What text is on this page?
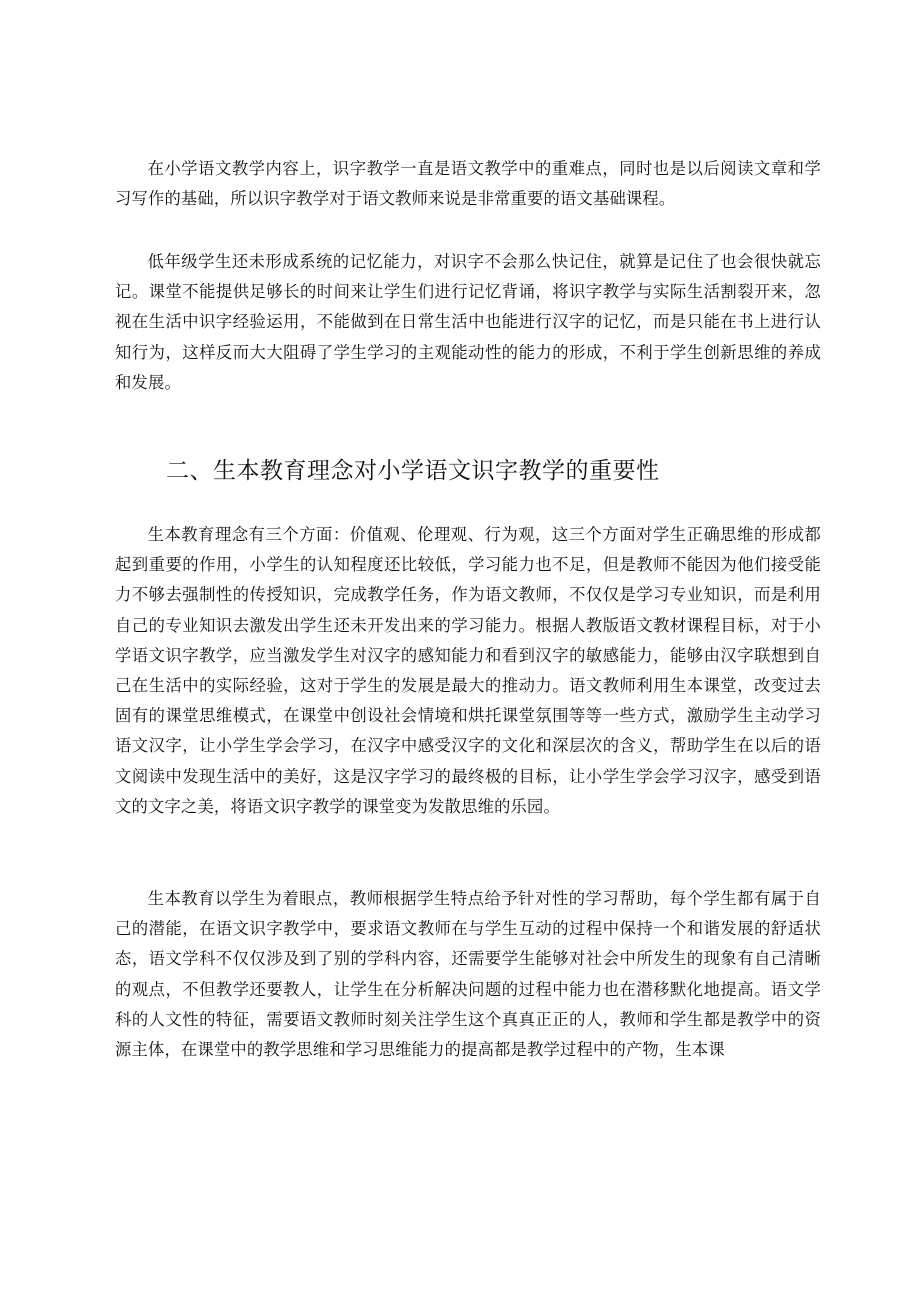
在小学语文教学内容上，识字教学一直是语文教学中的重难点，同时也是以后阅读文章和学习写作的基础，所以识字教学对于语文教师来说是非常重要的语文基础课程。

低年级学生还未形成系统的记忆能力，对识字不会那么快记住，就算是记住了也会很快就忘记。课堂不能提供足够长的时间来让学生们进行记忆背诵，将识字教学与实际生活割裂开来，忽视在生活中识字经验运用，不能做到在日常生活中也能进行汉字的记忆，而是只能在书上进行认知行为，这样反而大大阻碍了学生学习的主观能动性的能力的形成，不利于学生创新思维的养成和发展。

二、生本教育理念对小学语文识字教学的重要性

生本教育理念有三个方面：价值观、伦理观、行为观，这三个方面对学生正确思维的形成都起到重要的作用，小学生的认知程度还比较低，学习能力也不足，但是教师不能因为他们接受能力不够去强制性的传授知识，完成教学任务，作为语文教师，不仅仅是学习专业知识，而是利用自己的专业知识去激发出学生还未开发出来的学习能力。根据人教版语文教材课程目标，对于小学语文识字教学，应当激发学生对汉字的感知能力和看到汉字的敏感能力，能够由汉字联想到自己在生活中的实际经验，这对于学生的发展是最大的推动力。语文教师利用生本课堂，改变过去固有的课堂思维模式，在课堂中创设社会情境和烘托课堂氛围等等一些方式，激励学生主动学习语文汉字，让小学生学会学习，在汉字中感受汉字的文化和深层次的含义，帮助学生在以后的语文阅读中发现生活中的美好，这是汉字学习的最终极的目标，让小学生学会学习汉字，感受到语文的文字之美，将语文识字教学的课堂变为发散思维的乐园。

生本教育以学生为着眼点，教师根据学生特点给予针对性的学习帮助，每个学生都有属于自己的潜能，在语文识字教学中，要求语文教师在与学生互动的过程中保持一个和谐发展的舒适状态，语文学科不仅仅涉及到了别的学科内容，还需要学生能够对社会中所发生的现象有自己清晰的观点，不但教学还要教人，让学生在分析解决问题的过程中能力也在潜移默化地提高。语文学科的人文性的特征，需要语文教师时刻关注学生这个真真正正的人，教师和学生都是教学中的资源主体，在课堂中的教学思维和学习思维能力的提高都是教学过程中的产物，生本课
